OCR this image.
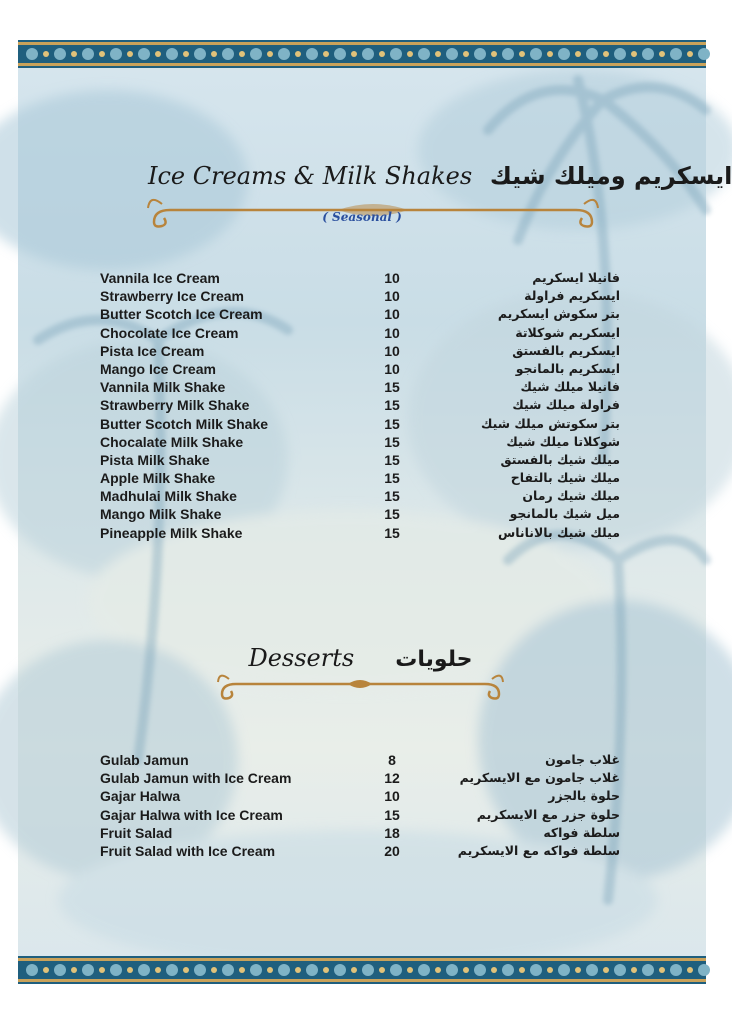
Ice Creams & Milk Shakes ايسكريم وميلك شيك
( Seasonal )
Vannila Ice Cream	10	فانيلا ايسكريم
Strawberry Ice Cream	10	ايسكريم فراولة
Butter Scotch Ice Cream	10	بتر سكوش ايسكريم
Chocolate Ice Cream	10	ايسكريم شوكلاتة
Pista Ice Cream	10	ايسكريم بالفستق
Mango Ice Cream	10	ايسكريم بالمانجو
Vannila Milk Shake	15	فانيلا ميلك شيك
Strawberry Milk Shake	15	فراولة ميلك شيك
Butter Scotch Milk Shake	15	بتر سكوتش ميلك شيك
Chocalate Milk Shake	15	شوكلاتا ميلك شيك
Pista Milk Shake	15	ميلك شيك بالفستق
Apple Milk Shake	15	ميلك شيك بالتفاح
Madhulai Milk Shake	15	ميلك شيك رمان
Mango Milk Shake	15	ميل شيك بالمانجو
Pineapple Milk Shake	15	ميلك شيك بالاناناس
Desserts حلويات
Gulab Jamun	8	غلاب جامون
Gulab Jamun with Ice Cream	12	غلاب جامون مع الايسكريم
Gajar Halwa	10	حلوة بالجزر
Gajar Halwa with Ice Cream	15	حلوة جزر مع الايسكريم
Fruit Salad	18	سلطة فواكه
Fruit Salad with Ice Cream	20	سلطة فواكه مع الايسكريم
